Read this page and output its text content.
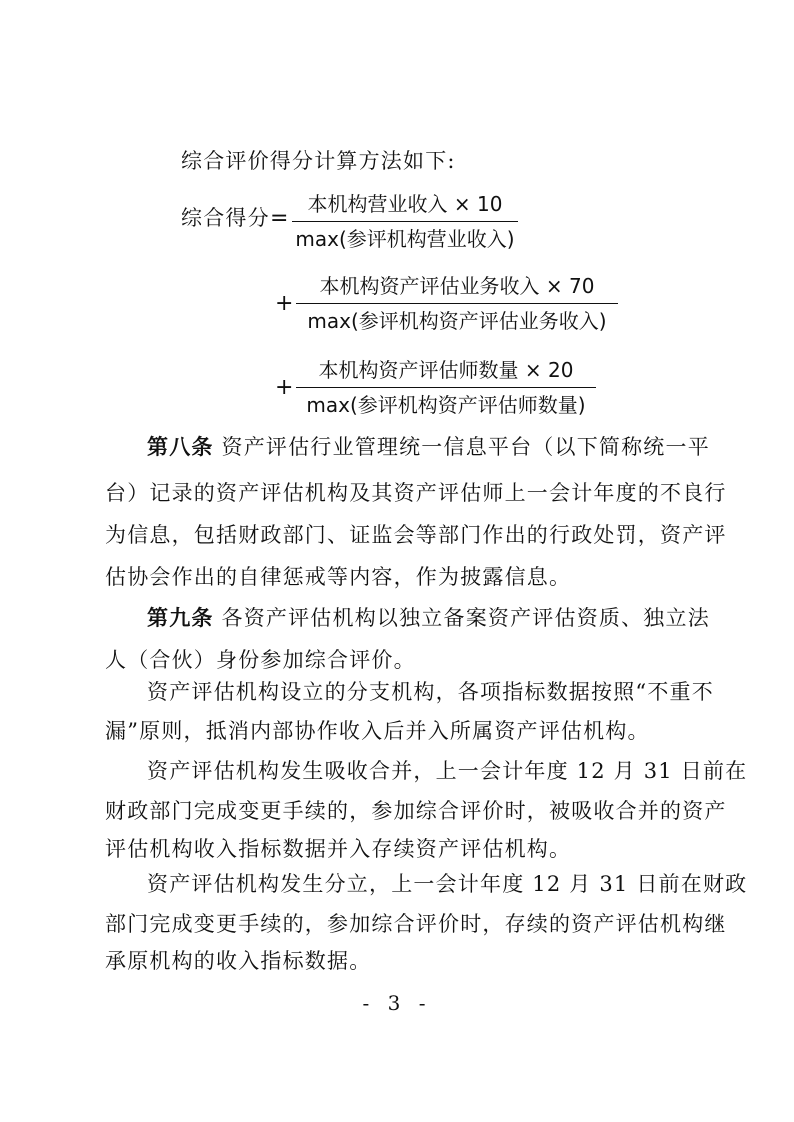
综合评价得分计算方法如下:
综合得分 =
本机构营业收入 × 10
max(参评机构营业收入)
+
本机构资产评估业务收入 × 70
max(参评机构资产评估业务收入)
+
本机构资产评估师数量 × 20
max(参评机构资产评估师数量)
第八条 资产评估行业管理统一信息平台（以下简称统一平
台）记录的资产评估机构及其资产评估师上一会计年度的不良行
为信息，包括财政部门、证监会等部门作出的行政处罚，资产评
估协会作出的自律惩戒等内容，作为披露信息。
第九条 各资产评估机构以独立备案资产评估资质、独立法
人（合伙）身份参加综合评价。
资产评估机构设立的分支机构，各项指标数据按照“不重不
漏”原则，抵消内部协作收入后并入所属资产评估机构。
资产评估机构发生吸收合并，上一会计年度 12 月 31 日前在
财政部门完成变更手续的，参加综合评价时，被吸收合并的资产
评估机构收入指标数据并入存续资产评估机构。
资产评估机构发生分立，上一会计年度 12 月 31 日前在财政
部门完成变更手续的，参加综合评价时，存续的资产评估机构继
承原机构的收入指标数据。
- 3 -
